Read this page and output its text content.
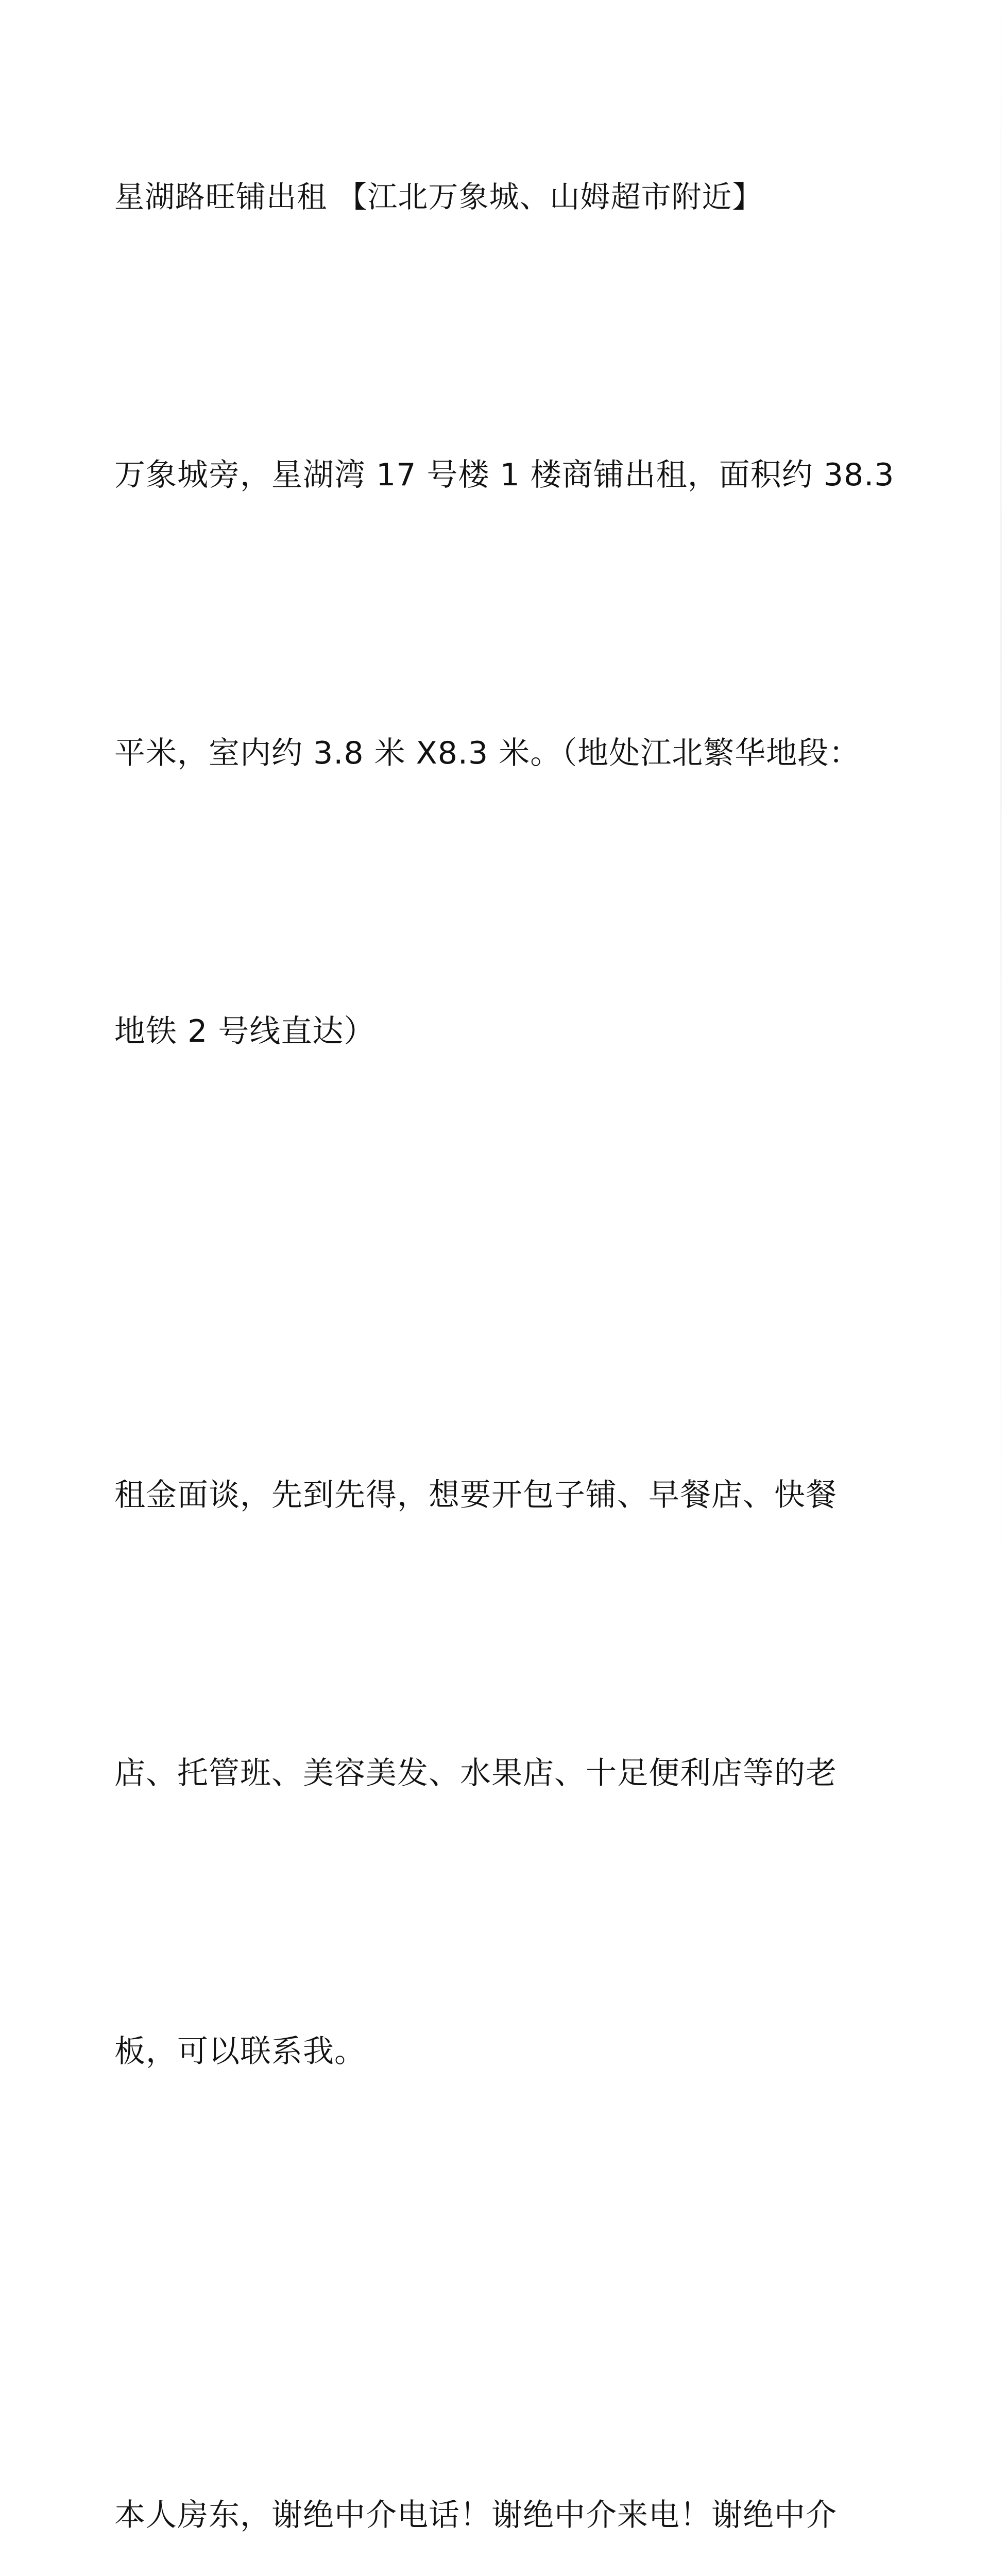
星湖路旺铺出租 【江北万象城、山姆超市附近】

万象城旁，星湖湾 17 号楼 1 楼商铺出租，面积约 38.3

平米，室内约 3.8 米 X8.3 米。（地处江北繁华地段：

地铁 2 号线直达）

租金面谈，先到先得，想要开包子铺、早餐店、快餐

店、托管班、美容美发、水果店、十足便利店等的老

板，可以联系我。

本人房东，谢绝中介电话！谢绝中介来电！谢绝中介
